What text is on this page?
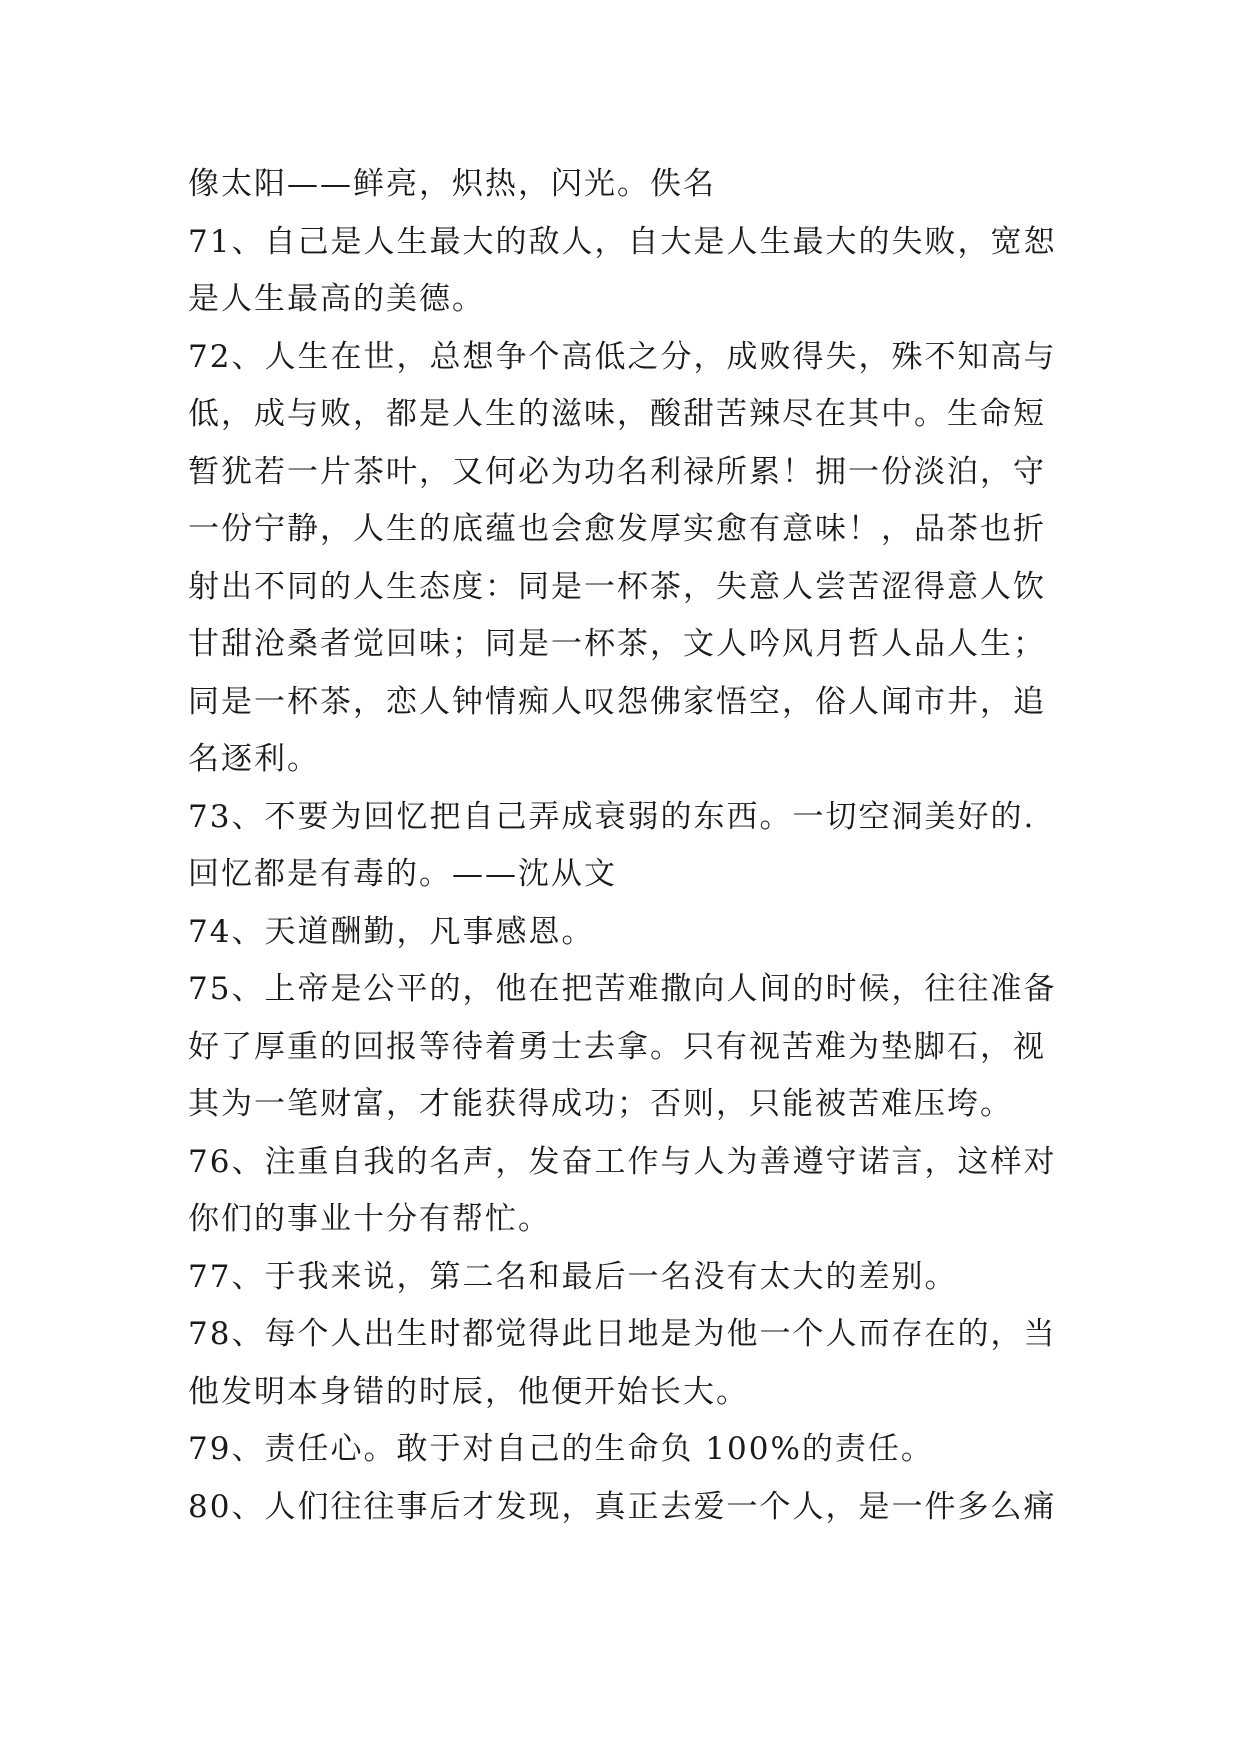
像太阳——鲜亮，炽热，闪光。佚名
71、自己是人生最大的敌人，自大是人生最大的失败，宽恕
是人生最高的美德。
72、人生在世，总想争个高低之分，成败得失，殊不知高与
低，成与败，都是人生的滋味，酸甜苦辣尽在其中。生命短
暂犹若一片茶叶，又何必为功名利禄所累！拥一份淡泊，守
一份宁静，人生的底蕴也会愈发厚实愈有意味！，品茶也折
射出不同的人生态度：同是一杯茶，失意人尝苦涩得意人饮
甘甜沧桑者觉回味；同是一杯茶，文人吟风月哲人品人生；
同是一杯茶，恋人钟情痴人叹怨佛家悟空，俗人闻市井，追
名逐利。
73、不要为回忆把自己弄成衰弱的东西。一切空洞美好的.
回忆都是有毒的。——沈从文
74、天道酬勤，凡事感恩。
75、上帝是公平的，他在把苦难撒向人间的时候，往往准备
好了厚重的回报等待着勇士去拿。只有视苦难为垫脚石，视
其为一笔财富，才能获得成功；否则，只能被苦难压垮。
76、注重自我的名声，发奋工作与人为善遵守诺言，这样对
你们的事业十分有帮忙。
77、于我来说，第二名和最后一名没有太大的差别。
78、每个人出生时都觉得此日地是为他一个人而存在的，当
他发明本身错的时辰，他便开始长大。
79、责任心。敢于对自己的生命负 100%的责任。
80、人们往往事后才发现，真正去爱一个人，是一件多么痛
